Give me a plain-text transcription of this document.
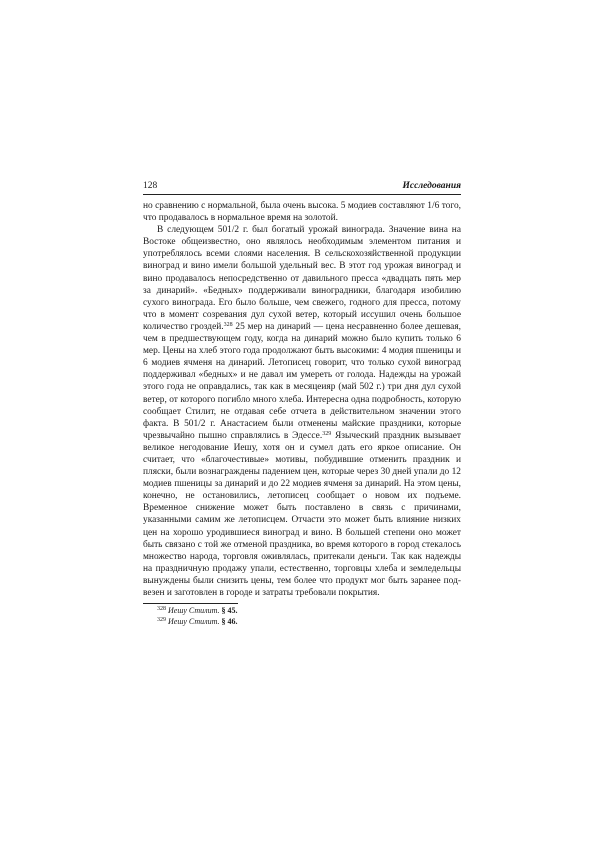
128	Исследования

но сравнению с нормальной, была очень высока. 5 модиев составляют 1/6 того, что продавалось в нормальное время на золотой.

В следующем 501/2 г. был богатый урожай винограда. Значение вина на Востоке общеизвестно, оно являлось необходимым элементом питания и употреблялось всеми слоями населения. В сельскохозяйственной продукции виноград и вино имели большой удельный вес. В этот год урожая виноград и вино продавалось непосредственно от давильного пресса «двадцать пять мер за динарий». «Бедных» поддерживали виноградники, благодаря изобилию сухого винограда. Его было больше, чем свежего, годного для пресса, потому что в момент созревания дул сухой ветер, который иссушил очень большое количество гроздей.$^{328}$ 25 мер на динарий — цена несравненно более дешевая, чем в предшествующем году, когда на динарий можно было купить только 6 мер. Цены на хлеб этого года продолжают быть высокими: 4 модия пшеницы и 6 модиев ячменя на динарий. Летописец говорит, что только сухой виноград поддерживал «бедных» и не давал им умереть от голода. Надежды на урожай этого года не оправдались, так как в месяцеияр (май 502 г.) три дня дул сухой ветер, от которого погибло много хлеба. Интересна одна подробность, которую сообщает Стилит, не отдавая себе отчета в действительном значении этого факта. В 501/2 г. Анастасием были отменены майские праздники, которые чрезвычайно пышно справлялись в Эдессе.$^{329}$ Языческий праздник вызывает великое негодование Иешу, хотя он и сумел дать его яркое описание. Он считает, что «благочестивые» мотивы, побудившие отменить праздник и пляски, были вознаграждены падением цен, которые через 30 дней упали до 12 модиев пшеницы за динарий и до 22 модиев ячменя за динарий. На этом цены, конечно, не остановились, летописец сообщает о новом их подъеме. Временное снижение может быть поставлено в связь с причинами, указанными самим же летописцем. Отчасти это может быть влияние низких цен на хорошо уродившиеся виноград и вино. В большей степени оно может быть связано с той же отменой праздника, во время которого в город стекалось множество народа, торговля оживлялась, притекали деньги. Так как надежды на праздничную продажу упали, естественно, торговцы хлеба и земледельцы вынуждены были снизить цены, тем более что продукт мог быть заранее подвезен и заготовлен в городе и затраты требовали покрытия.

$^{328}$ Иешу Стилит. § 45.
$^{329}$ Иешу Стилит. § 46.
